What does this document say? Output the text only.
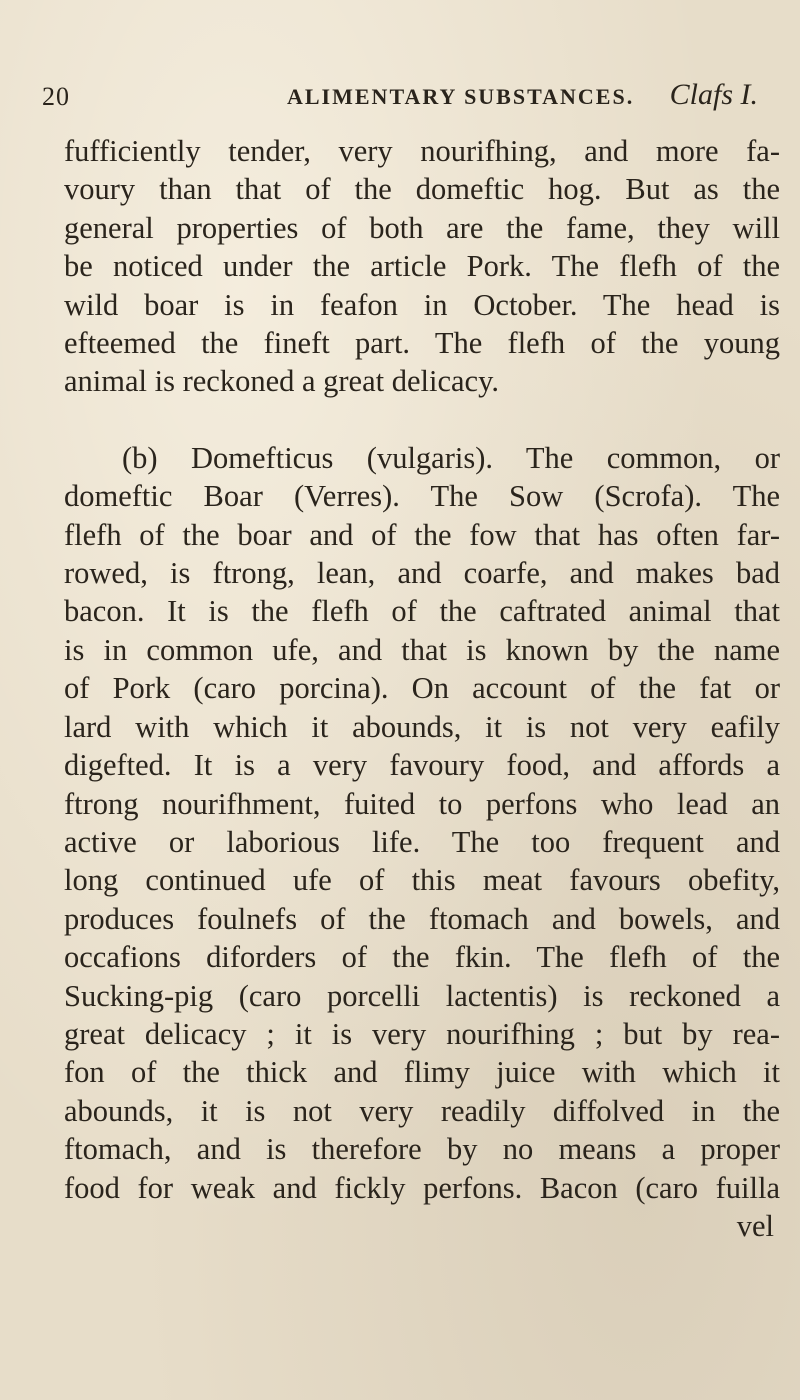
20	ALIMENTARY SUBSTANCES. Clafs I.
fufficiently tender, very nourifhing, and more fa-
voury than that of the domeftic hog. But as the
general properties of both are the fame, they will
be noticed under the article Pork. The flefh of the
wild boar is in feafon in October. The head is
efteemed the fineft part. The flefh of the young
animal is reckoned a great delicacy.
(b) Domefticus (vulgaris). The common, or
domeftic Boar (Verres). The Sow (Scrofa). The
flefh of the boar and of the fow that has often far-
rowed, is ftrong, lean, and coarfe, and makes bad
bacon. It is the flefh of the caftrated animal that
is in common ufe, and that is known by the name
of Pork (caro porcina). On account of the fat or
lard with which it abounds, it is not very eafily
digefted. It is a very favoury food, and affords a
ftrong nourifhment, fuited to perfons who lead an
active or laborious life. The too frequent and
long continued ufe of this meat favours obefity,
produces foulnefs of the ftomach and bowels, and
occafions diforders of the fkin. The flefh of the
Sucking-pig (caro porcelli lactentis) is reckoned a
great delicacy ; it is very nourifhing ; but by rea-
fon of the thick and flimy juice with which it
abounds, it is not very readily diffolved in the
ftomach, and is therefore by no means a proper
food for weak and fickly perfons. Bacon (caro fuilla
vel
